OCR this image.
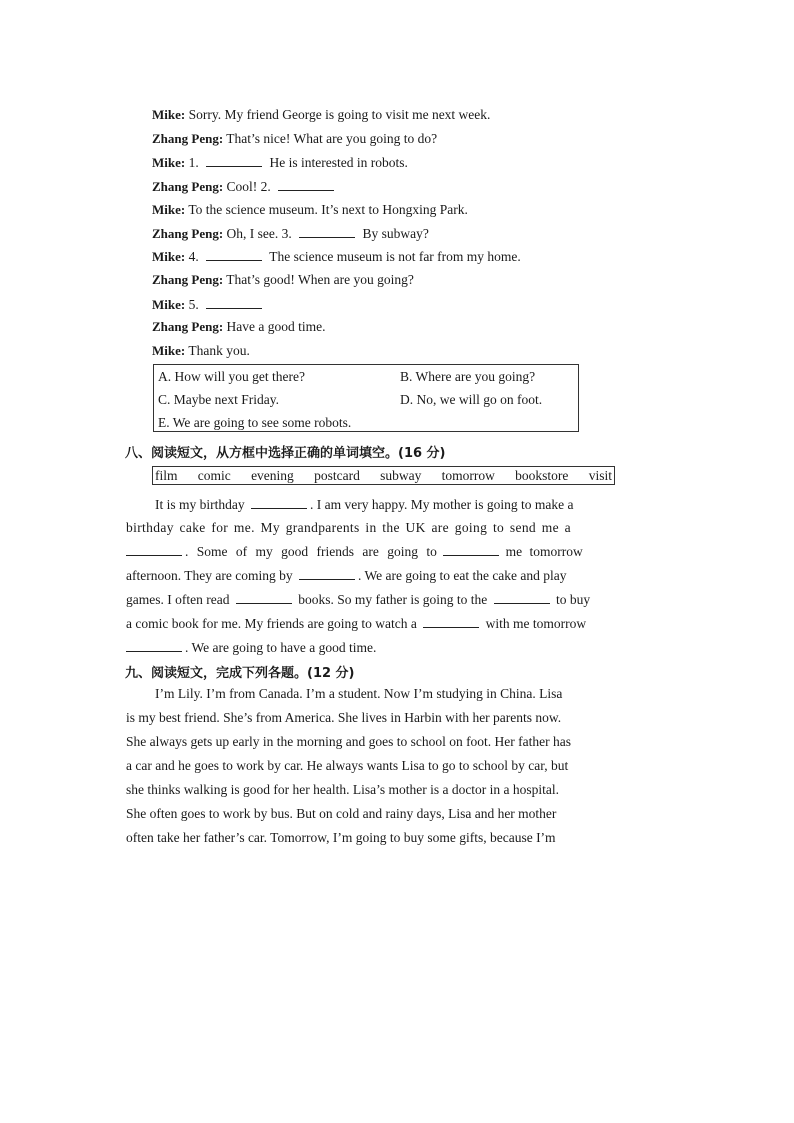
Mike: Sorry. My friend George is going to visit me next week.
Zhang Peng: That’s nice! What are you going to do?
Mike: 1.	He is interested in robots.
Zhang Peng: Cool! 2.
Mike: To the science museum. It’s next to Hongxing Park.
Zhang Peng: Oh, I see. 3.	By subway?
Mike: 4.	The science museum is not far from my home.
Zhang Peng: That’s good! When are you going?
Mike: 5.
Zhang Peng: Have a good time.
Mike: Thank you.
A. How will you get there?	B. Where are you going?
C. Maybe next Friday.	D. No, we will go on foot.
E. We are going to see some robots.
八、阅读短文，从方框中选择正确的单词填空。(16 分)
film comic evening postcard subway tomorrow bookstore visit
It is my birthday	. I am very happy. My mother is going to make a
birthday cake for me. My grandparents in the UK are going to send me a
. Some of my good friends are going to	me tomorrow
afternoon. They are coming by	. We are going to eat the cake and play
games. I often read	books. So my father is going to the	to buy
a comic book for me. My friends are going to watch a	with me tomorrow
. We are going to have a good time.
九、阅读短文，完成下列各题。(12 分)
I’m Lily. I’m from Canada. I’m a student. Now I’m studying in China. Lisa
is my best friend. She’s from America. She lives in Harbin with her parents now.
She always gets up early in the morning and goes to school on foot. Her father has
a car and he goes to work by car. He always wants Lisa to go to school by car, but
she thinks walking is good for her health. Lisa’s mother is a doctor in a hospital.
She often goes to work by bus. But on cold and rainy days, Lisa and her mother
often take her father’s car. Tomorrow, I’m going to buy some gifts, because I’m
